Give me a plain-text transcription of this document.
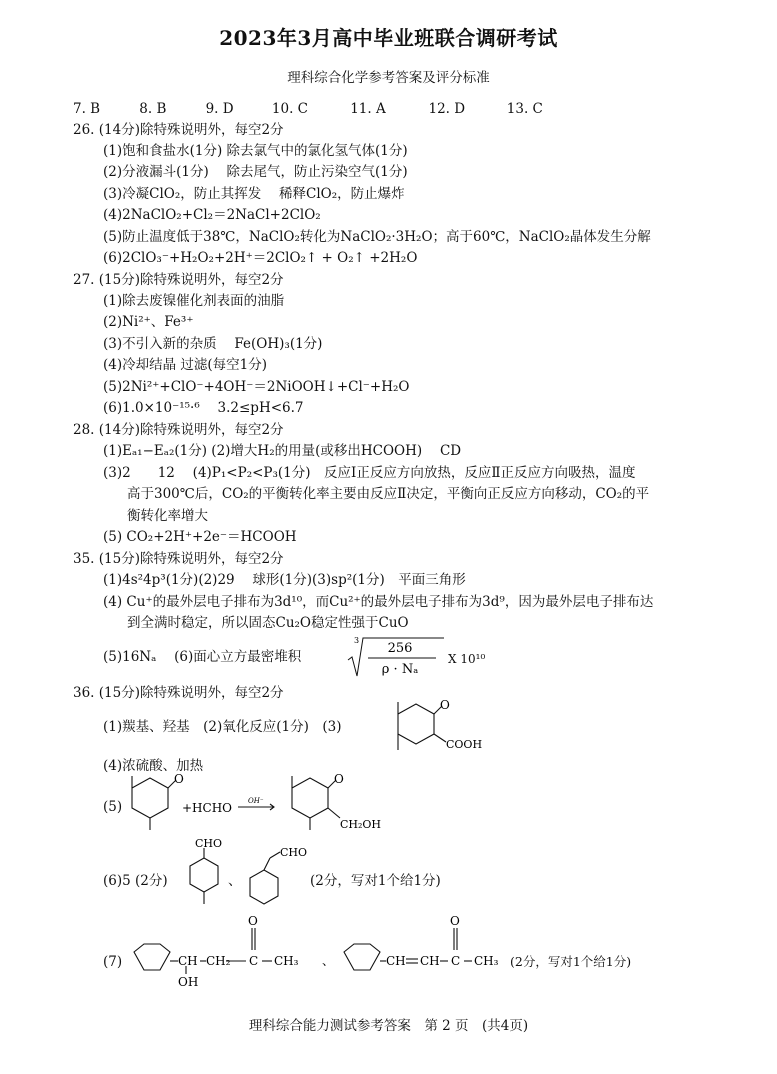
2023年3月高中毕业班联合调研考试
理科综合化学参考答案及评分标准
7. B	8. B	9. D	10. C	11. A	12. D	13. C
26. (14分)除特殊说明外，每空2分
(1)饱和食盐水(1分) 除去氯气中的氯化氢气体(1分)
(2)分液漏斗(1分)　 除去尾气，防止污染空气(1分)
(3)冷凝ClO₂，防止其挥发　 稀释ClO₂，防止爆炸
(4)2NaClO₂+Cl₂＝2NaCl+2ClO₂
(5)防止温度低于38℃，NaClO₂转化为NaClO₂·3H₂O；高于60℃，NaClO₂晶体发生分解
(6)2ClO₃⁻+H₂O₂+2H⁺＝2ClO₂↑ + O₂↑ +2H₂O
27. (15分)除特殊说明外，每空2分
(1)除去废镍催化剂表面的油脂
(2)Ni²⁺、Fe³⁺
(3)不引入新的杂质　 Fe(OH)₃(1分)
(4)冷却结晶 过滤(每空1分)
(5)2Ni²⁺+ClO⁻+4OH⁻＝2NiOOH↓+Cl⁻+H₂O
(6)1.0×10⁻¹⁵·⁶　 3.2≤pH<6.7
28. (14分)除特殊说明外，每空2分
(1)Eₐ₁−Eₐ₂(1分) (2)增大H₂的用量(或移出HCOOH)　 CD
(3)2　　12　 (4)P₁<P₂<P₃(1分)　反应Ⅰ正反应方向放热，反应Ⅱ正反应方向吸热，温度
高于300℃后，CO₂的平衡转化率主要由反应Ⅱ决定，平衡向正反应方向移动，CO₂的平
衡转化率增大
(5) CO₂+2H⁺+2e⁻＝HCOOH
35. (15分)除特殊说明外，每空2分
(1)4s²4p³(1分)(2)29　 球形(1分)(3)sp²(1分)　平面三角形
(4) Cu⁺的最外层电子排布为3d¹⁰，而Cu²⁺的最外层电子排布为3d⁹，因为最外层电子排布达
到全满时稳定，所以固态Cu₂O稳定性强于CuO
(5)16Nₐ　 (6)面心立方最密堆积
3
256
ρ · Nₐ
X 10¹⁰
36. (15分)除特殊说明外，每空2分
(1)羰基、羟基　(2)氧化反应(1分)　(3)
O
COOH
(4)浓硫酸、加热
(5)
O
+HCHO OH⁻
O
CH₂OH
(6)5 (2分)
CHO
CHO
、	(2分，写对1个给1分)
(7)	CH
OH
CH₂
O
C CH₃ 、	CH CH
O
C CH₃ (2分，写对1个给1分)
理科综合能力测试参考答案　第 2 页　(共4页)
